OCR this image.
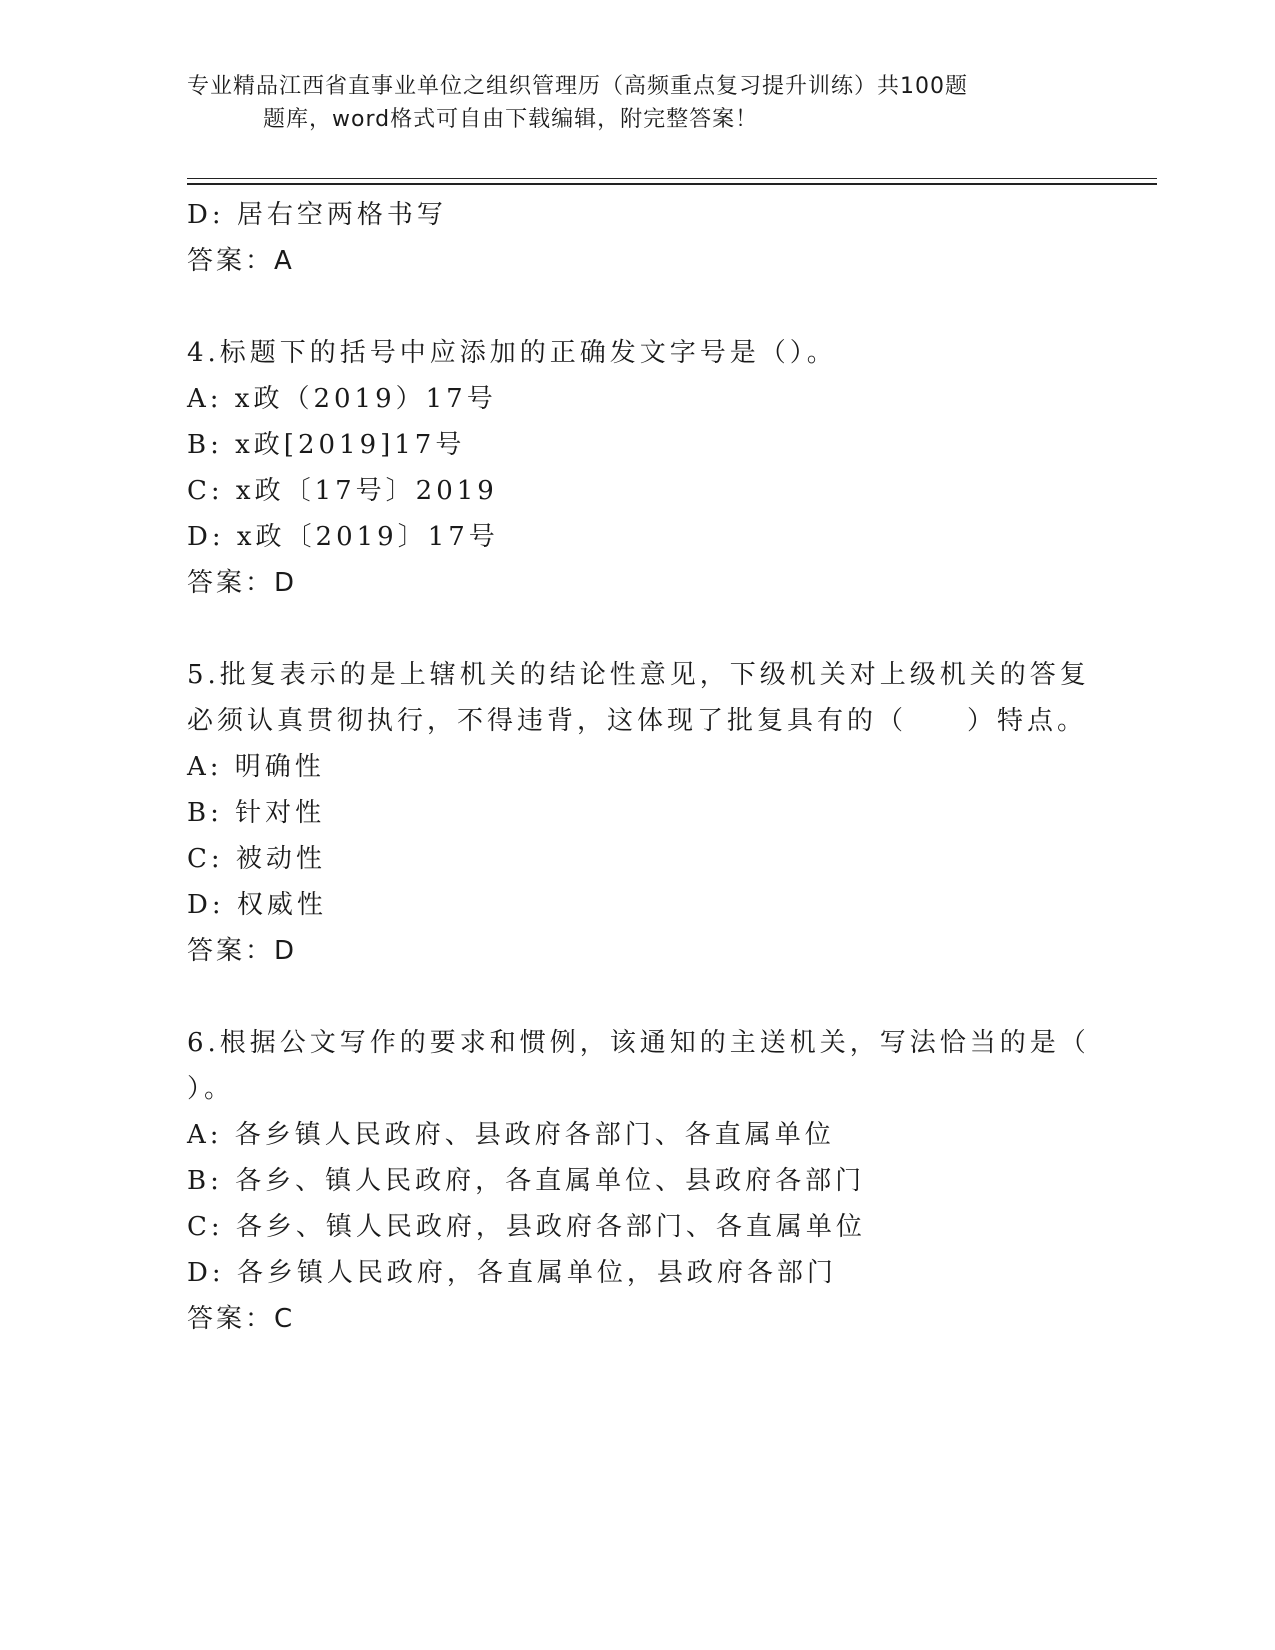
专业精品江西省直事业单位之组织管理历（高频重点复习提升训练）共100题
题库，word格式可自由下载编辑，附完整答案！
D: 居右空两格书写
答案：A
4.标题下的括号中应添加的正确发文字号是（）。
A: x政（2019）17号
B: x政[2019]17号
C: x政〔17号〕2019
D: x政〔2019〕17号
答案：D
5.批复表示的是上辖机关的结论性意见，下级机关对上级机关的答复
必须认真贯彻执行，不得违背，这体现了批复具有的（　　）特点。
A: 明确性
B: 针对性
C: 被动性
D: 权威性
答案：D
6.根据公文写作的要求和惯例，该通知的主送机关，写法恰当的是（
）。
A: 各乡镇人民政府、县政府各部门、各直属单位
B: 各乡、镇人民政府，各直属单位、县政府各部门
C: 各乡、镇人民政府，县政府各部门、各直属单位
D: 各乡镇人民政府，各直属单位，县政府各部门
答案：C
